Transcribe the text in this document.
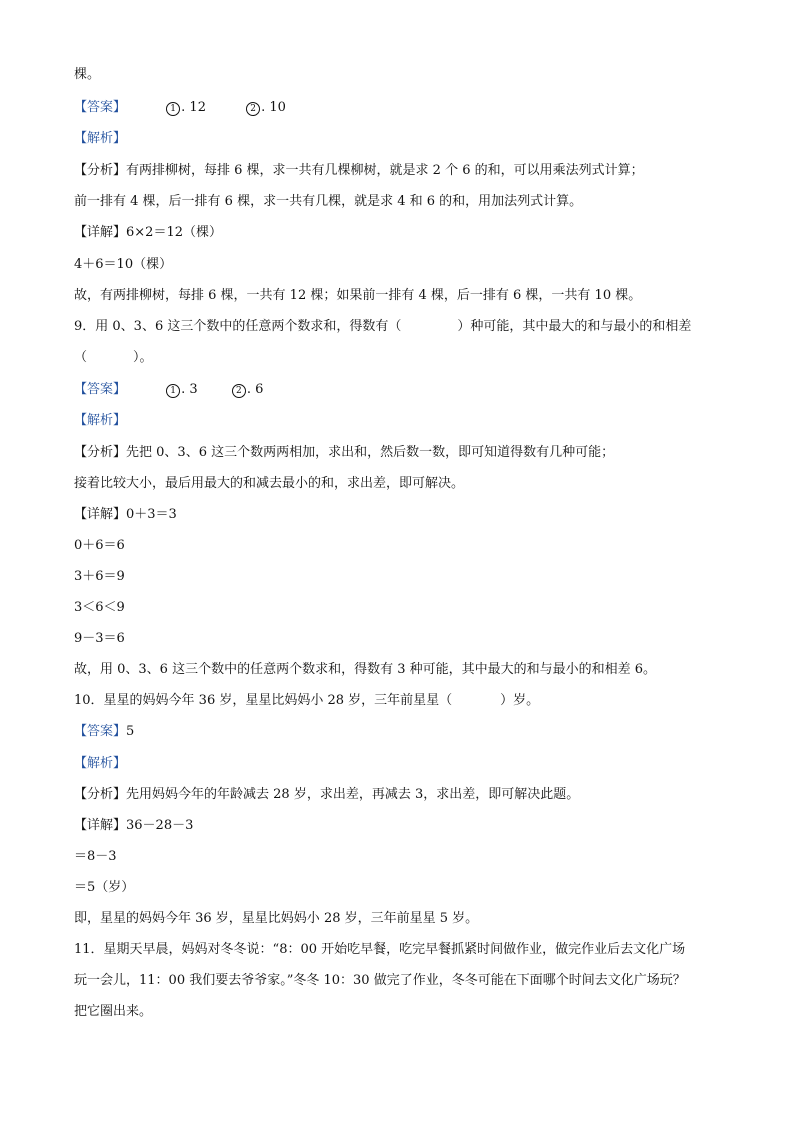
棵。
【答案】	1 . 12	2 . 10
【解析】
【分析】有两排柳树，每排 6 棵，求一共有几棵柳树，就是求 2 个 6 的和，可以用乘法列式计算；
前一排有 4 棵，后一排有 6 棵，求一共有几棵，就是求 4 和 6 的和，用加法列式计算。
【详解】6×2＝12（棵）
4＋6＝10（棵）
故，有两排柳树，每排 6 棵，一共有 12 棵；如果前一排有 4 棵，后一排有 6 棵，一共有 10 棵。
9．用 0、3、6 这三个数中的任意两个数求和，得数有（	）种可能，其中最大的和与最小的和相差
（	）。
【答案】	1 . 3	2 . 6
【解析】
【分析】先把 0、3、6 这三个数两两相加，求出和，然后数一数，即可知道得数有几种可能；
接着比较大小，最后用最大的和减去最小的和，求出差，即可解决。
【详解】0＋3＝3
0＋6＝6
3＋6＝9
3＜6＜9
9－3＝6
故，用 0、3、6 这三个数中的任意两个数求和，得数有 3 种可能，其中最大的和与最小的和相差 6。
10．星星的妈妈今年 36 岁，星星比妈妈小 28 岁，三年前星星（	）岁。
【答案】5
【解析】
【分析】先用妈妈今年的年龄减去 28 岁，求出差，再减去 3，求出差，即可解决此题。
【详解】36－28－3
＝8－3
＝5（岁）
即，星星的妈妈今年 36 岁，星星比妈妈小 28 岁，三年前星星 5 岁。
11．星期天早晨，妈妈对冬冬说：“8：00 开始吃早餐，吃完早餐抓紧时间做作业，做完作业后去文化广场
玩一会儿，11：00 我们要去爷爷家。”冬冬 10：30 做完了作业，冬冬可能在下面哪个时间去文化广场玩？
把它圈出来。
